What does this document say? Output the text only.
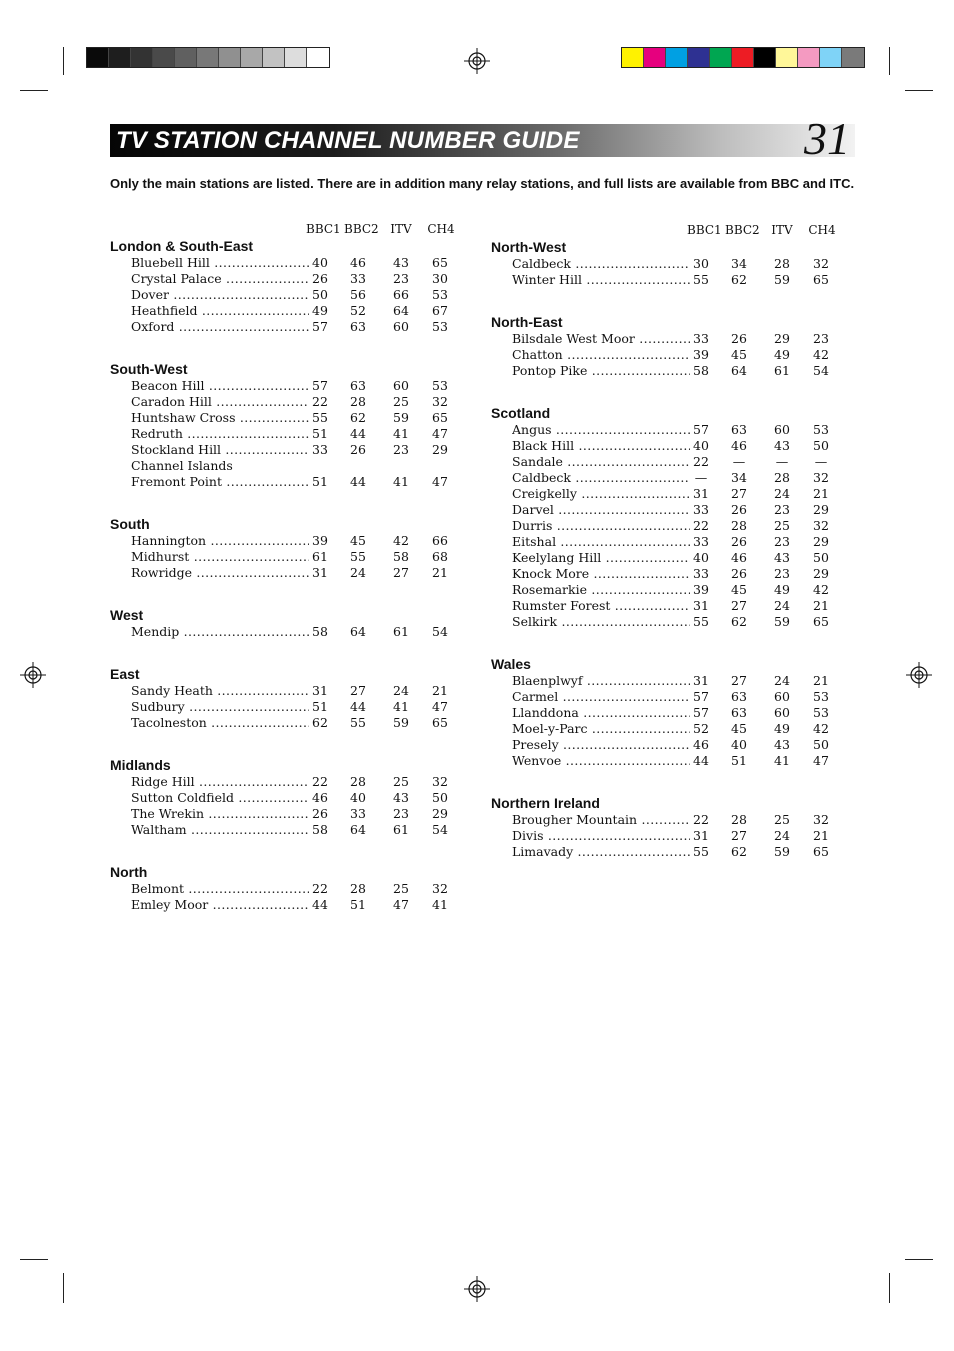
TV STATION CHANNEL NUMBER GUIDE	31
Only the main stations are listed. There are in addition many relay stations, and full lists are available from BBC and ITC.
BBC1 BBC2 ITV CH4
London & South-East
Bluebell Hill .....	40	46	43	65
Crystal Palace .....	26	33	23	30
Dover .....	50	56	66	53
Heathfield .....	49	52	64	67
Oxford .....	57	63	60	53
South-West
Beacon Hill .....	57	63	60	53
Caradon Hill .....	22	28	25	32
Huntshaw Cross .....	55	62	59	65
Redruth .....	51	44	41	47
Stockland Hill .....	33	26	23	29
Channel Islands
Fremont Point .....	51	44	41	47
South
Hannington .....	39	45	42	66
Midhurst .....	61	55	58	68
Rowridge .....	31	24	27	21
West
Mendip .....	58	64	61	54
East
Sandy Heath .....	31	27	24	21
Sudbury .....	51	44	41	47
Tacolneston .....	62	55	59	65
Midlands
Ridge Hill .....	22	28	25	32
Sutton Coldfield .....	46	40	43	50
The Wrekin .....	26	33	23	29
Waltham .....	58	64	61	54
North
Belmont .....	22	28	25	32
Emley Moor .....	44	51	47	41
BBC1 BBC2 ITV CH4
North-West
Caldbeck .....	30	34	28	32
Winter Hill .....	55	62	59	65
North-East
Bilsdale West Moor .....	33	26	29	23
Chatton .....	39	45	49	42
Pontop Pike .....	58	64	61	54
Scotland
Angus .....	57	63	60	53
Black Hill .....	40	46	43	50
Sandale .....	22	—	—	—
Caldbeck .....	—	34	28	32
Creigkelly .....	31	27	24	21
Darvel .....	33	26	23	29
Durris .....	22	28	25	32
Eitshal .....	33	26	23	29
Keelylang Hill .....	40	46	43	50
Knock More .....	33	26	23	29
Rosemarkie .....	39	45	49	42
Rumster Forest .....	31	27	24	21
Selkirk .....	55	62	59	65
Wales
Blaenplwyf .....	31	27	24	21
Carmel .....	57	63	60	53
Llanddona .....	57	63	60	53
Moel-y-Parc .....	52	45	49	42
Presely .....	46	40	43	50
Wenvoe .....	44	51	41	47
Northern Ireland
Brougher Mountain .....	22	28	25	32
Divis .....	31	27	24	21
Limavady .....	55	62	59	65
